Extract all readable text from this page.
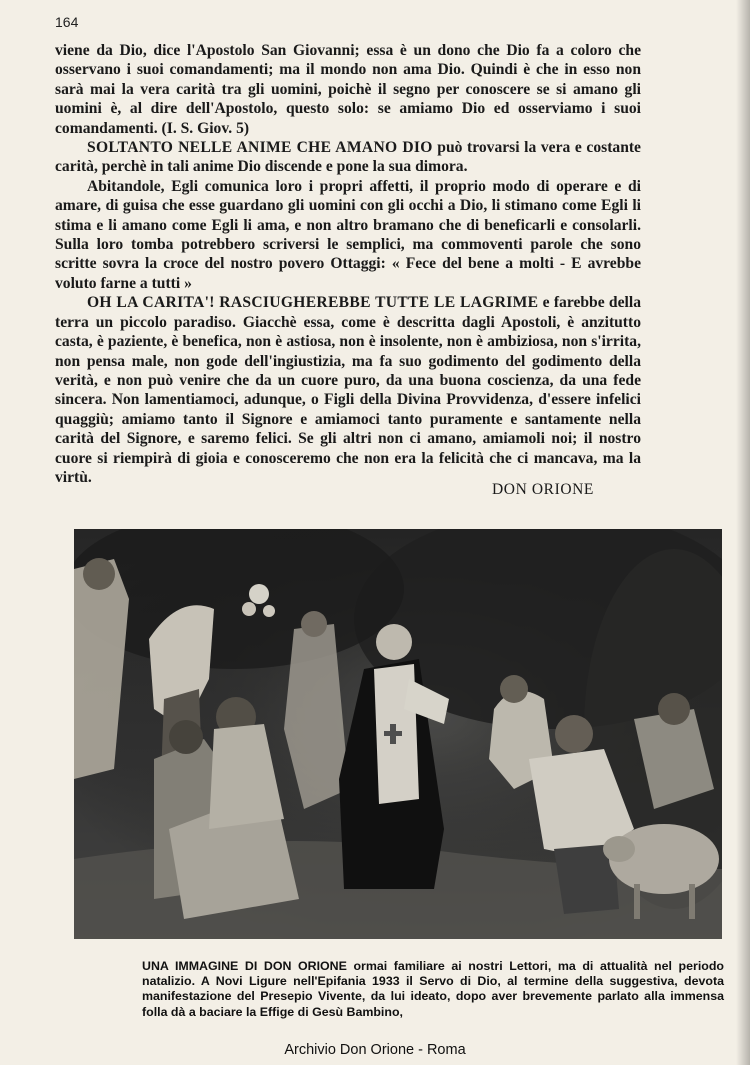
164

viene da Dio, dice l'Apostolo San Giovanni; essa è un dono che Dio fa a coloro che osservano i suoi comandamenti; ma il mondo non ama Dio. Quindi è che in esso non sarà mai la vera carità tra gli uomini, poichè il segno per conoscere se si amano gli uomini è, al dire dell'Apostolo, questo solo: se amiamo Dio ed osserviamo i suoi comandamenti. (I. S. Giov. 5)

SOLTANTO NELLE ANIME CHE AMANO DIO può trovarsi la vera e costante carità, perchè in tali anime Dio discende e pone la sua dimora.

Abitandole, Egli comunica loro i propri affetti, il proprio modo di operare e di amare, di guisa che esse guardano gli uomini con gli occhi a Dio, li stimano come Egli li stima e li amano come Egli li ama, e non altro bramano che di beneficarli e consolarli. Sulla loro tomba potrebbero scriversi le semplici, ma commoventi parole che sono scritte sovra la croce del nostro povero Ottaggi: « Fece del bene a molti - E avrebbe voluto farne a tutti »

OH LA CARITA'! RASCIUGHEREBBE TUTTE LE LAGRIME e farebbe della terra un piccolo paradiso. Giacchè essa, come è descritta dagli Apostoli, è anzitutto casta, è paziente, è benefica, non è astiosa, non è insolente, non è ambiziosa, non s'irrita, non pensa male, non gode dell'ingiustizia, ma fa suo godimento del godimento della verità, e non può venire che da un cuore puro, da una buona coscienza, da una fede sincera. Non lamentiamoci, adunque, o Figli della Divina Provvidenza, d'essere infelici quaggiù; amiamo tanto il Signore e amiamoci tanto puramente e santamente nella carità del Signore, e saremo felici. Se gli altri non ci amano, amiamoli noi; il nostro cuore si riempirà di gioia e conosceremo che non era la felicità che ci mancava, ma la virtù.

DON ORIONE
UNA IMMAGINE DI DON ORIONE ormai familiare ai nostri Lettori, ma di attualità nel periodo natalizio. A Novi Ligure nell'Epifania 1933 il Servo di Dio, al termine della suggestiva, devota manifestazione del Presepio Vivente, da lui ideato, dopo aver brevemente parlato alla immensa folla dà a baciare la Effige di Gesù Bambino,
Archivio Don Orione - Roma
